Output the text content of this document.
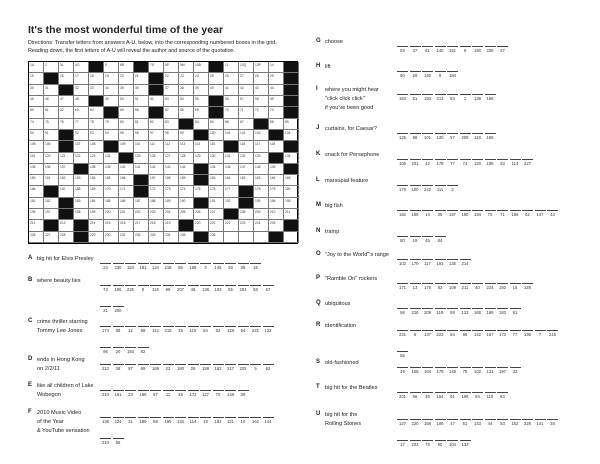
It's the most wonderful time of the year
Directions: Transfer letters from answers A-U, below, into the corresponding numbered boxes in the grid. Reading down, the first letters of A-U will reveal the author and source of the quotation.
1A	2	3L	4O	5	6R	7S	8P	9M	10B	11	12Q	13P	14
15	16	17	18	19	20	21	22	23	24	25	26	27	28	29
30	31	32	33	34	35	36	37	38	39	40	41	42	43	44
45	46	47	48	49	50	51	52	53	54	55	56	57	58	59
60	61	62	63	64	65	66	67	68	69	70	71	72	73
74	75	76	77	78	79	80	81	82	83	84	85	86	87	88	89
90	91	92	93	94	95	96	97	98	99	100	101	102	103	104
105	106	107	108	109	110	111	112	113	114	115	116	117	118
119	120	121	122	123	124	125	126	127	128	129	130	131	132	133	134
135	136	137	138	139	140	141	142	143	144	145	146	147	148	149
150	151	152	153	154	155	156	157	158	159	160	161	162	163	164	165
166	167	168	169	170	171	172	173	174	175	176	177	178	179	180
181	182	183	184	185	186	187	188	189	190	191	192	193	194	195
196	197	198	199	200	201	202	203	204	205	206	207	208	209	210	211
212	213	214	215	216	217	218	219	220	221	222	223	224	225
226	227	228	229	230	231	232	233	234	235	236
A big hit for Elvis Presley
24	230	153	181	124	218	85	185	3	145	29	38	16
B where beauty lies
73	155	225	8	116	99	207	46	138	103	65	204	58	67
21	200
C crime thriller starring
Tommy Lee Jones	174	89	12	68	112	219	25	110	54	52	129	54	221	122
96	20	193	82
D ends in Hong Kong
on 2/2/11	212	36	97	69	169	22	180	26	159	162	217	202	5	92
E like all children of Lake
Wobegon	210	191	23	198	87	11	48	172	127	70	148	39
F 2010 Music Video
of the Year
& YouTube sensation
136	224	31	189	59	195	134	114	18	182	121	10	162	144
210	56
G choose
93	37	61	140	161	6	150	206	27
H lift
60	29	140	9	184
I where you might hear
"click click click"
if you've been good
163	51	150	213	63	1	139	166
J curtains, for Caesar?
125	88	101	130	57	209	118	166
K snack for Persephone
106	201	42	178	77	74	120	188	33	113	227
L marsupial feature
170	100	222	111	2
M big fish
182	168	14	35	187	190	194	70	71	156	62	147	43
N tramp
80	19	45	84
O "Joy to the World"'s range
102	179	117	151	135	214
P "Ramble On" rockers
171	13	175	83	109	211	40	224	192	15	128
Q ubiquitous
96	226	208	119	59	123	165	199	183	81
R identification
231	6	137	223	64	86	142	157	173	77	136	7	215
55
S old-fashioned
49	105	164	176	149	75	102	131	197	32
T big hit for the Beatles
201	66	35	154	91	196	94	115	83
U big hit for the
Rolling Stones	127	220	158	186	47	61	143	44	53	152	228	141	28
17	203	78	90	104	133
